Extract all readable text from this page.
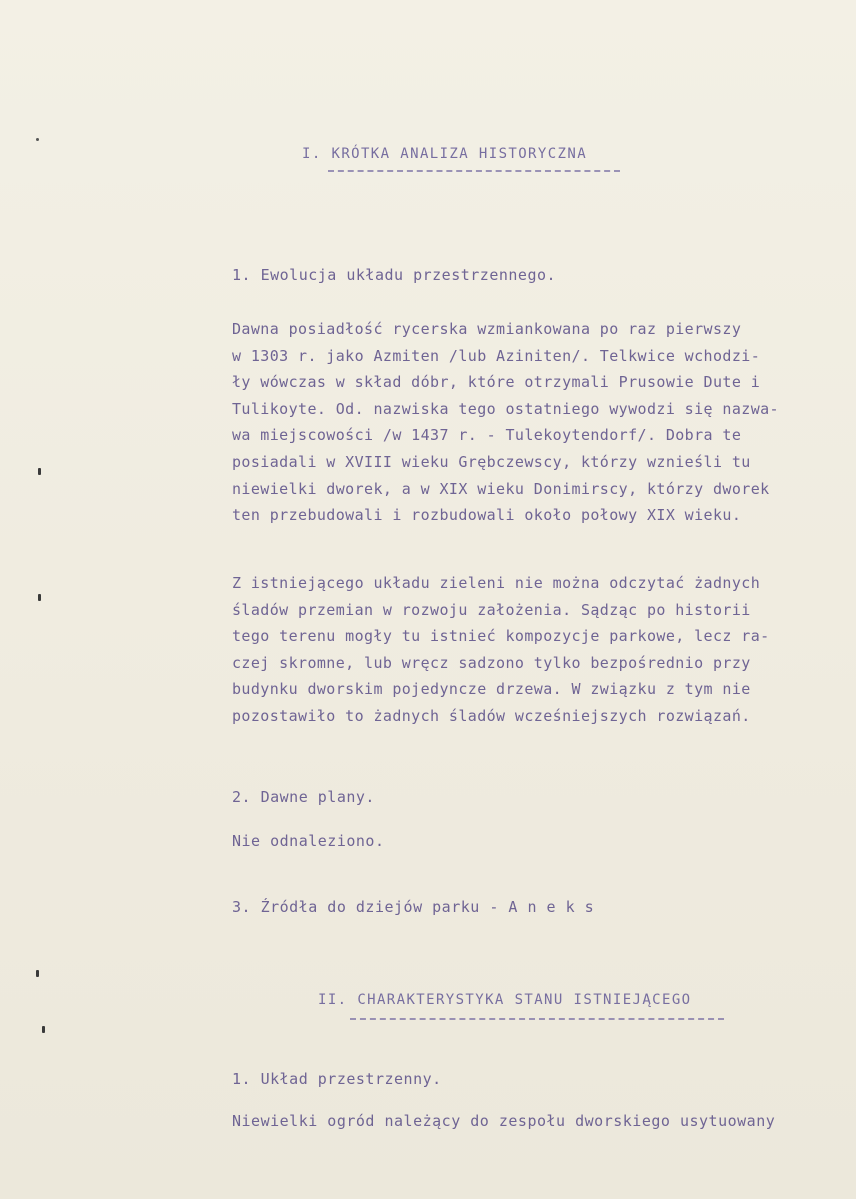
I. KRÓTKA ANALIZA HISTORYCZNA
1. Ewolucja układu przestrzennego.
Dawna posiadłość rycerska wzmiankowana po raz pierwszy
w 1303 r. jako Azmiten /lub Aziniten/. Telkwice wchodzi-
ły wówczas w skład dóbr, które otrzymali Prusowie Dute i
Tulikoyte. Od. nazwiska tego ostatniego wywodzi się nazwa-
wa miejscowości /w 1437 r. - Tulekoytendorf/. Dobra te
posiadali w XVIII wieku Grębczewscy, którzy wznieśli tu
niewielki dworek, a w XIX wieku Donimirscy, którzy dworek
ten przebudowali i rozbudowali około połowy XIX wieku.
Z istniejącego układu zieleni nie można odczytać żadnych
śladów przemian w rozwoju założenia. Sądząc po historii
tego terenu mogły tu istnieć kompozycje parkowe, lecz ra-
czej skromne, lub wręcz sadzono tylko bezpośrednio przy
budynku dworskim pojedyncze drzewa. W związku z tym nie
pozostawiło to żadnych śladów wcześniejszych rozwiązań.
2. Dawne plany.
Nie odnaleziono.
3. Źródła do dziejów parku - A n e k s
II. CHARAKTERYSTYKA STANU ISTNIEJĄCEGO
1. Układ przestrzenny.
Niewielki ogród należący do zespołu dworskiego usytuowany
